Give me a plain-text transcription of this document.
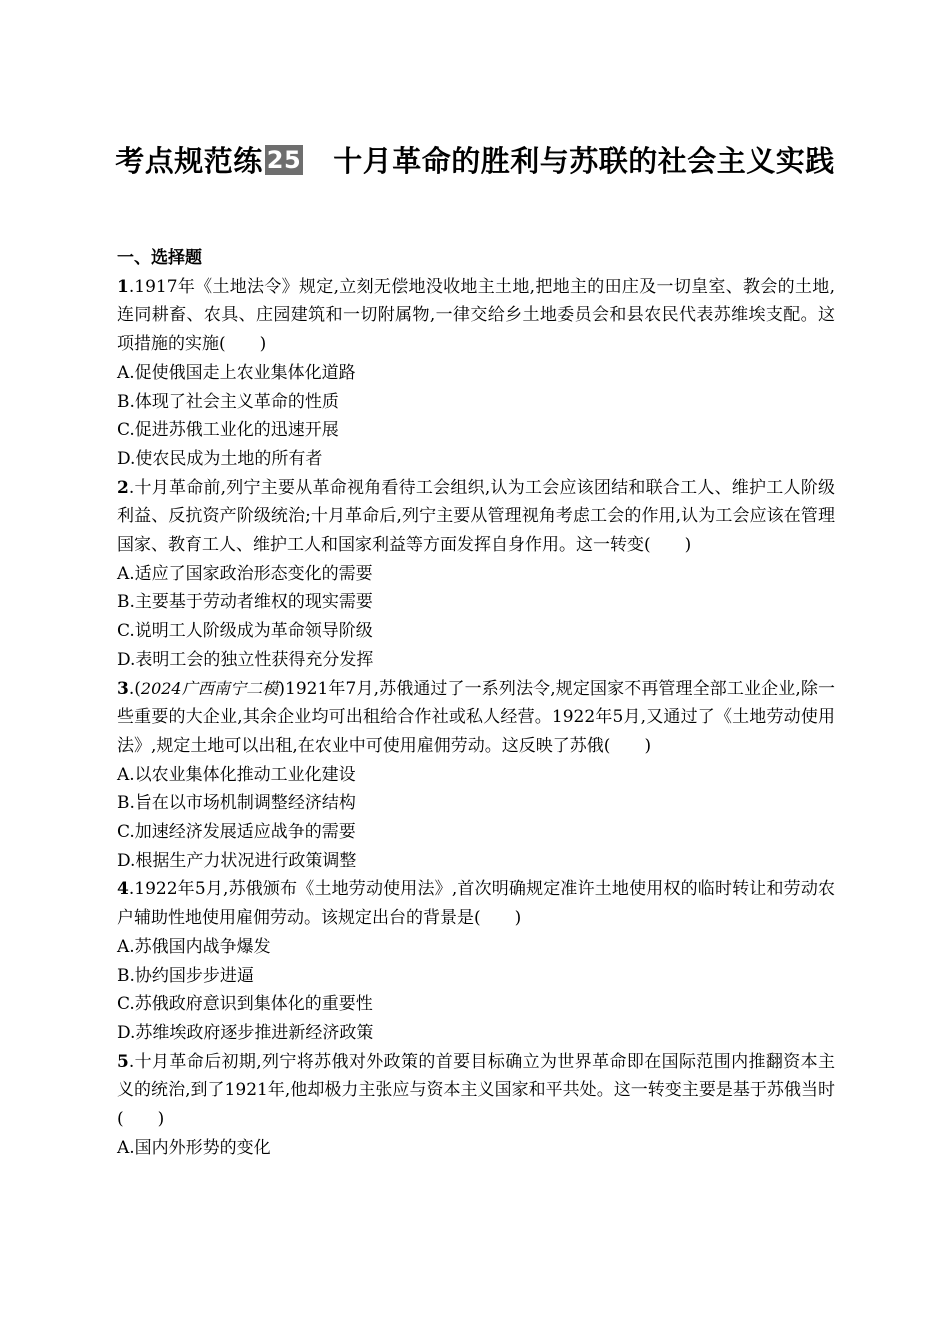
考点规范练 25 十月革命的胜利与苏联的社会主义实践
一、选择题

1.1917年《土地法令》规定,立刻无偿地没收地主土地,把地主的田庄及一切皇室、教会的土地,连同耕畜、农具、庄园建筑和一切附属物,一律交给乡土地委员会和县农民代表苏维埃支配。这项措施的实施(　　)

A.促使俄国走上农业集体化道路

B.体现了社会主义革命的性质

C.促进苏俄工业化的迅速开展

D.使农民成为土地的所有者

2.十月革命前,列宁主要从革命视角看待工会组织,认为工会应该团结和联合工人、维护工人阶级利益、反抗资产阶级统治;十月革命后,列宁主要从管理视角考虑工会的作用,认为工会应该在管理国家、教育工人、维护工人和国家利益等方面发挥自身作用。这一转变(　　)

A.适应了国家政治形态变化的需要

B.主要基于劳动者维权的现实需要

C.说明工人阶级成为革命领导阶级

D.表明工会的独立性获得充分发挥

3.(2024广西南宁二模)1921年7月,苏俄通过了一系列法令,规定国家不再管理全部工业企业,除一些重要的大企业,其余企业均可出租给合作社或私人经营。1922年5月,又通过了《土地劳动使用法》,规定土地可以出租,在农业中可使用雇佣劳动。这反映了苏俄(　　)

A.以农业集体化推动工业化建设

B.旨在以市场机制调整经济结构

C.加速经济发展适应战争的需要

D.根据生产力状况进行政策调整

4.1922年5月,苏俄颁布《土地劳动使用法》,首次明确规定准许土地使用权的临时转让和劳动农户辅助性地使用雇佣劳动。该规定出台的背景是(　　)

A.苏俄国内战争爆发

B.协约国步步进逼

C.苏俄政府意识到集体化的重要性

D.苏维埃政府逐步推进新经济政策

5.十月革命后初期,列宁将苏俄对外政策的首要目标确立为世界革命即在国际范围内推翻资本主义的统治,到了1921年,他却极力主张应与资本主义国家和平共处。这一转变主要是基于苏俄当时(　　)

A.国内外形势的变化
